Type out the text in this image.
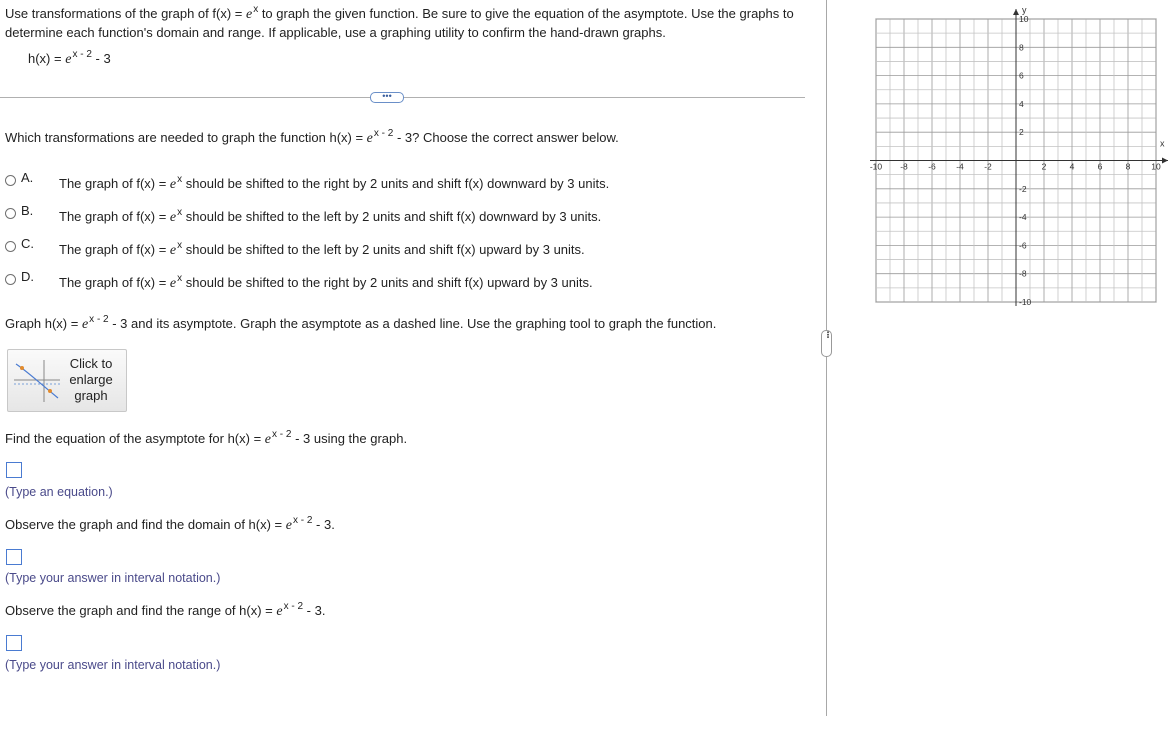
Use transformations of the graph of $f(x) = e^x$ to graph the given function. Be sure to give the equation of the asymptote. Use the graphs to determine each function's domain and range. If applicable, use a graphing utility to confirm the hand-drawn graphs.
$h(x) = e^{x - 2} - 3$
•••
Which transformations are needed to graph the function $h(x) = e^{x - 2} - 3$? Choose the correct answer below.
A.	The graph of $f(x) = e^x$ should be shifted to the right by 2 units and shift f(x) downward by 3 units.
B.	The graph of $f(x) = e^x$ should be shifted to the left by 2 units and shift f(x) downward by 3 units.
C.	The graph of $f(x) = e^x$ should be shifted to the left by 2 units and shift f(x) upward by 3 units.
D.	The graph of $f(x) = e^x$ should be shifted to the right by 2 units and shift f(x) upward by 3 units.
Graph $h(x) = e^{x - 2} - 3$ and its asymptote. Graph the asymptote as a dashed line. Use the graphing tool to graph the function.
Click to
enlarge
graph
Find the equation of the asymptote for $h(x) = e^{x - 2} - 3$ using the graph.
(Type an equation.)
Observe the graph and find the domain of $h(x) = e^{x - 2} - 3$.
(Type your answer in interval notation.)
Observe the graph and find the range of $h(x) = e^{x - 2} - 3$.
(Type your answer in interval notation.)
•••
-10 -8 -6 -4 -2	2	4	6	8 10
10
8
6
4
2
-2
-4
-6
-8
-10
x
y
